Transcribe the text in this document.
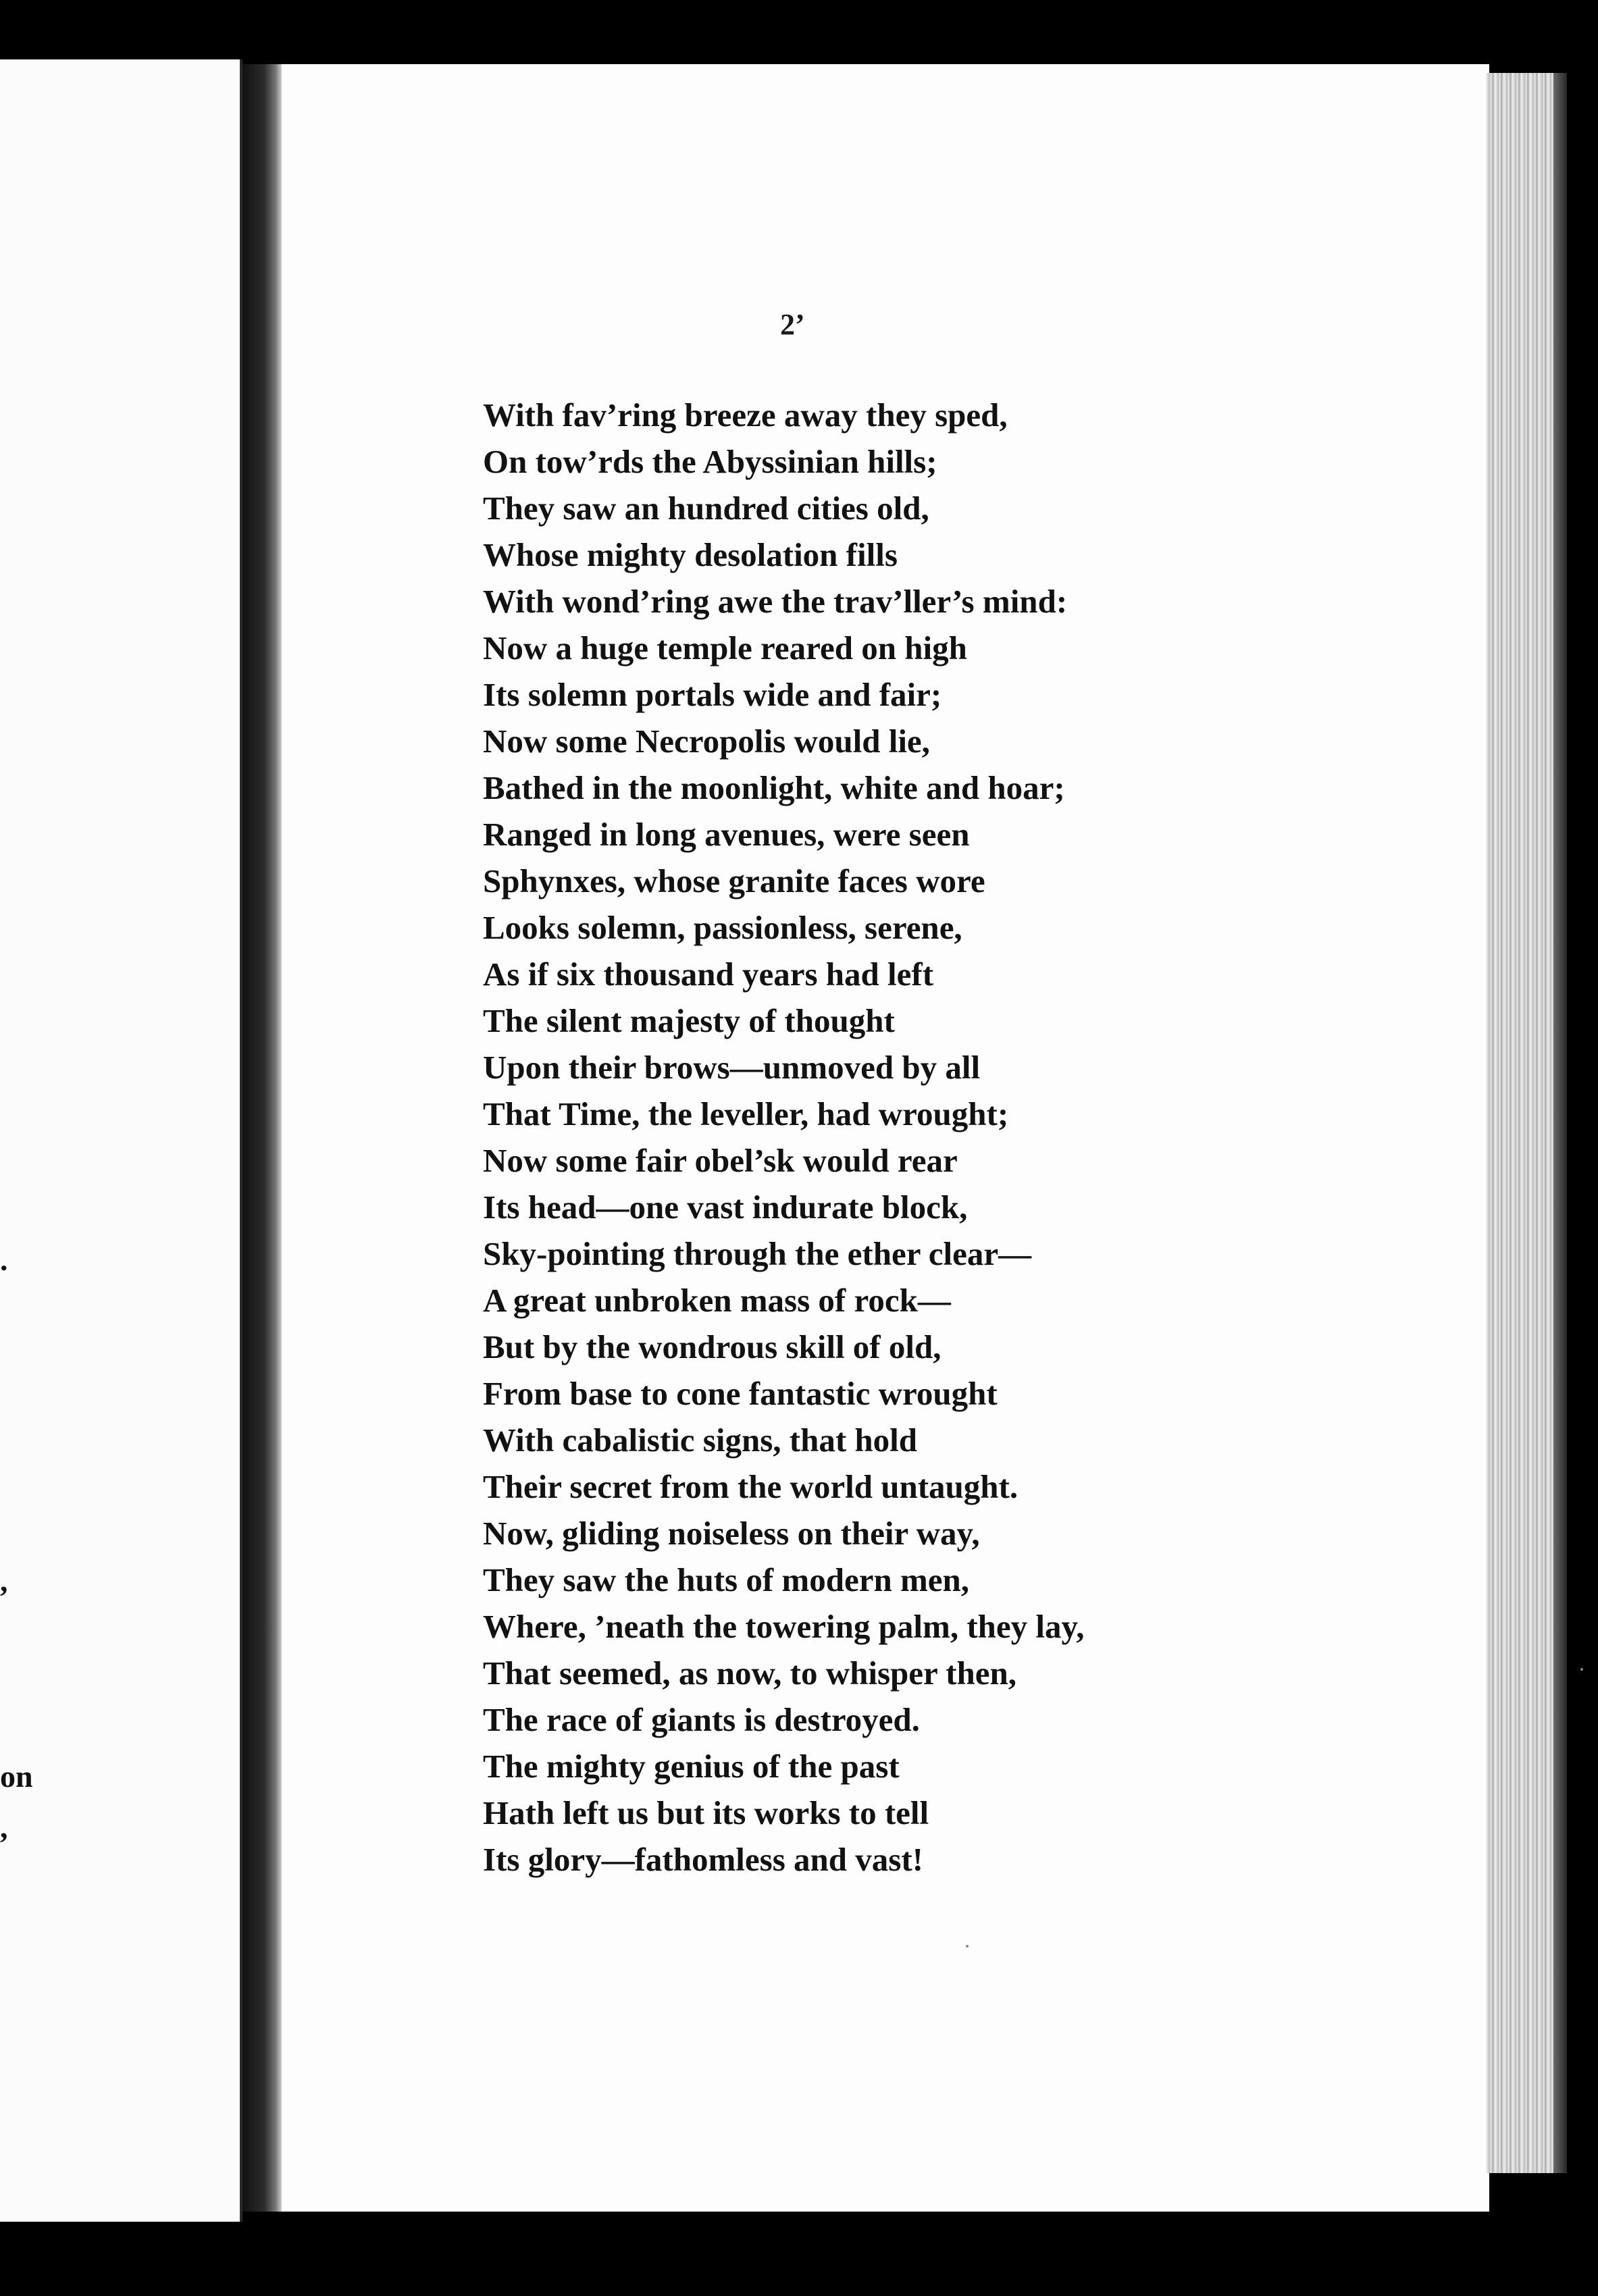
.
,
on
,
2’
With fav’ring breeze away they sped,
On tow’rds the Abyssinian hills;
They saw an hundred cities old,
Whose mighty desolation fills
With wond’ring awe the trav’ller’s mind:
Now a huge temple reared on high
Its solemn portals wide and fair;
Now some Necropolis would lie,
Bathed in the moonlight, white and hoar;
Ranged in long avenues, were seen
Sphynxes, whose granite faces wore
Looks solemn, passionless, serene,
As if six thousand years had left
The silent majesty of thought
Upon their brows—unmoved by all
That Time, the leveller, had wrought;
Now some fair obel’sk would rear
Its head—one vast indurate block,
Sky-pointing through the ether clear—
A great unbroken mass of rock—
But by the wondrous skill of old,
From base to cone fantastic wrought
With cabalistic signs, that hold
Their secret from the world untaught.
Now, gliding noiseless on their way,
They saw the huts of modern men,
Where, ’neath the towering palm, they lay,
That seemed, as now, to whisper then,
The race of giants is destroyed.
The mighty genius of the past
Hath left us but its works to tell
Its glory—fathomless and vast!
